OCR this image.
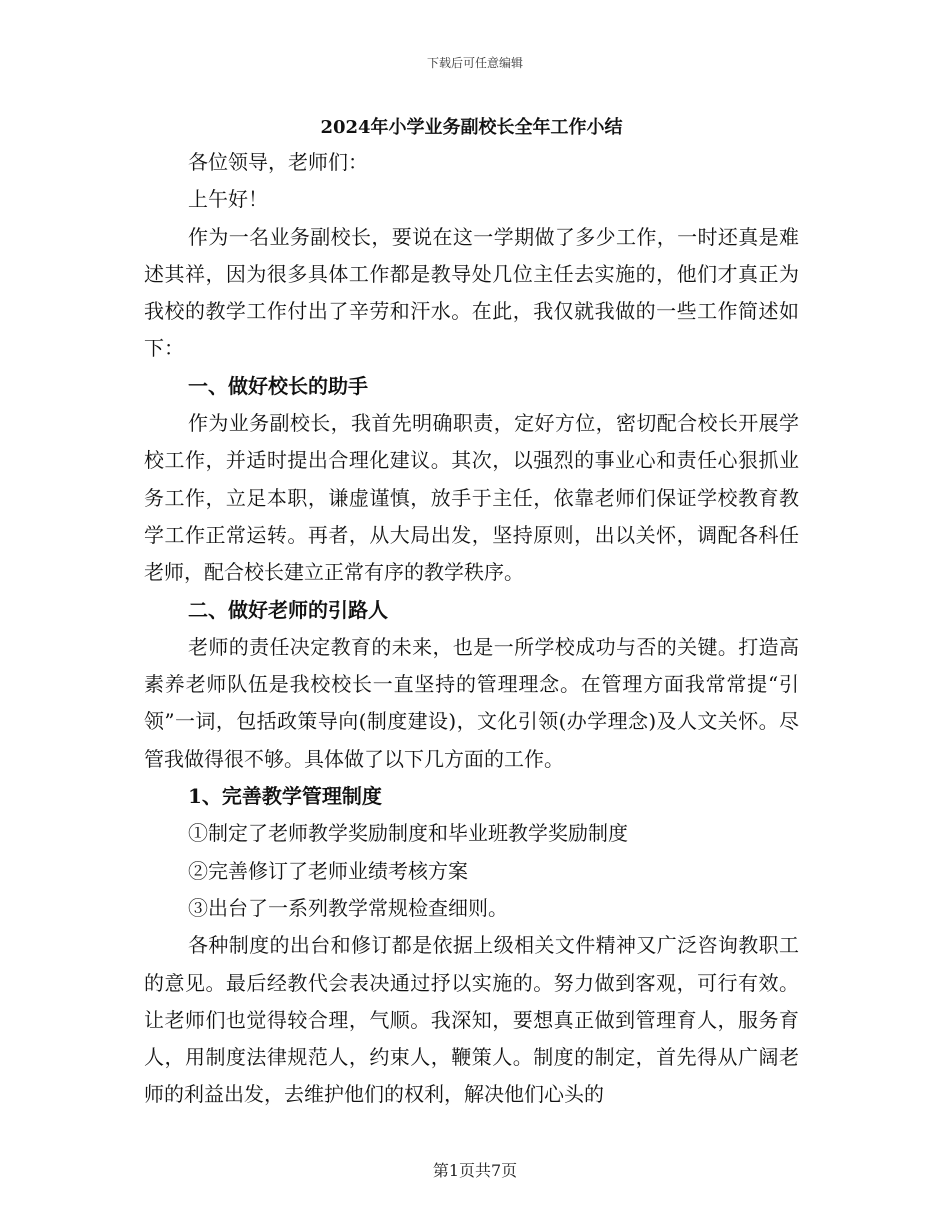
下载后可任意编辑
2024年小学业务副校长全年工作小结

各位领导，老师们：

上午好！

作为一名业务副校长，要说在这一学期做了多少工作，一时还真是难述其祥，因为很多具体工作都是教导处几位主任去实施的，他们才真正为我校的教学工作付出了辛劳和汗水。在此，我仅就我做的一些工作简述如下：

一、做好校长的助手

作为业务副校长，我首先明确职责，定好方位，密切配合校长开展学校工作，并适时提出合理化建议。其次，以强烈的事业心和责任心狠抓业务工作，立足本职，谦虚谨慎，放手于主任，依靠老师们保证学校教育教学工作正常运转。再者，从大局出发，坚持原则，出以关怀，调配各科任老师，配合校长建立正常有序的教学秩序。

二、做好老师的引路人

老师的责任决定教育的未来，也是一所学校成功与否的关键。打造高素养老师队伍是我校校长一直坚持的管理理念。在管理方面我常常提“引领”一词，包括政策导向(制度建设)，文化引领(办学理念)及人文关怀。尽管我做得很不够。具体做了以下几方面的工作。

1、完善教学管理制度

①制定了老师教学奖励制度和毕业班教学奖励制度

②完善修订了老师业绩考核方案

③出台了一系列教学常规检查细则。

各种制度的出台和修订都是依据上级相关文件精神又广泛咨询教职工的意见。最后经教代会表决通过抒以实施的。努力做到客观，可行有效。让老师们也觉得较合理，气顺。我深知，要想真正做到管理育人，服务育人，用制度法律规范人，约束人，鞭策人。制度的制定，首先得从广阔老师的利益出发，去维护他们的权利，解决他们心头的

第1页共7页
